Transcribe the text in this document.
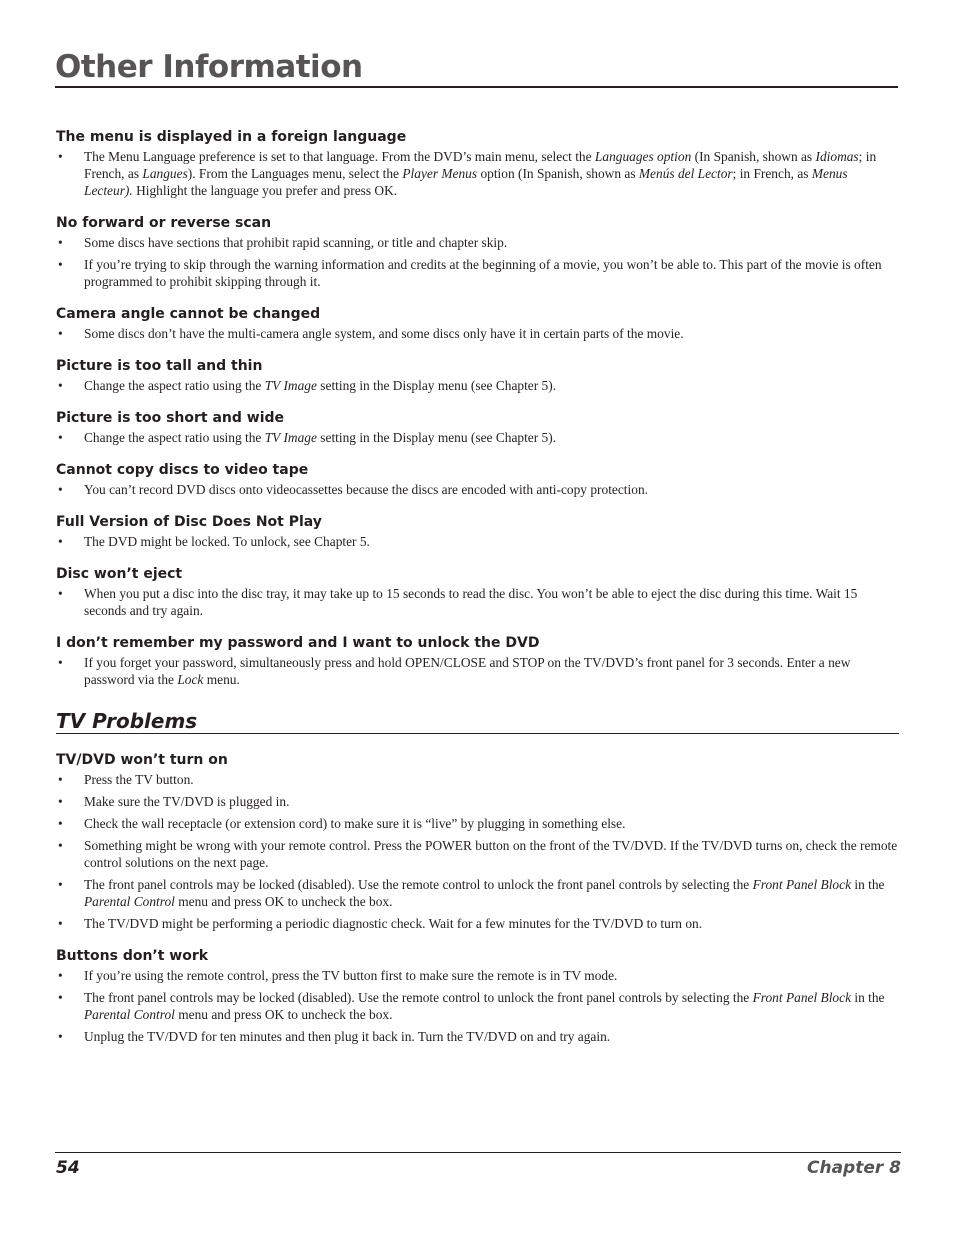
Other Information
The menu is displayed in a foreign language
• The Menu Language preference is set to that language. From the DVD’s main menu, select the Languages option (In Spanish, shown as Idiomas; in French, as Langues). From the Languages menu, select the Player Menus option (In Spanish, shown as Menús del Lector; in French, as Menus Lecteur). Highlight the language you prefer and press OK.
No forward or reverse scan
• Some discs have sections that prohibit rapid scanning, or title and chapter skip.
• If you’re trying to skip through the warning information and credits at the beginning of a movie, you won’t be able to. This part of the movie is often programmed to prohibit skipping through it.
Camera angle cannot be changed
• Some discs don’t have the multi-camera angle system, and some discs only have it in certain parts of the movie.
Picture is too tall and thin
• Change the aspect ratio using the TV Image setting in the Display menu (see Chapter 5).
Picture is too short and wide
• Change the aspect ratio using the TV Image setting in the Display menu (see Chapter 5).
Cannot copy discs to video tape
• You can’t record DVD discs onto videocassettes because the discs are encoded with anti-copy protection.
Full Version of Disc Does Not Play
• The DVD might be locked. To unlock, see Chapter 5.
Disc won’t eject
• When you put a disc into the disc tray, it may take up to 15 seconds to read the disc. You won’t be able to eject the disc during this time. Wait 15 seconds and try again.
I don’t remember my password and I want to unlock the DVD
• If you forget your password, simultaneously press and hold OPEN/CLOSE and STOP on the TV/DVD’s front panel for 3 seconds. Enter a new password via the Lock menu.
TV Problems
TV/DVD won’t turn on
• Press the TV button.
• Make sure the TV/DVD is plugged in.
• Check the wall receptacle (or extension cord) to make sure it is “live” by plugging in something else.
• Something might be wrong with your remote control. Press the POWER button on the front of the TV/DVD. If the TV/DVD turns on, check the remote control solutions on the next page.
• The front panel controls may be locked (disabled). Use the remote control to unlock the front panel controls by selecting the Front Panel Block in the Parental Control menu and press OK to uncheck the box.
• The TV/DVD might be performing a periodic diagnostic check. Wait for a few minutes for the TV/DVD to turn on.
Buttons don’t work
• If you’re using the remote control, press the TV button first to make sure the remote is in TV mode.
• The front panel controls may be locked (disabled). Use the remote control to unlock the front panel controls by selecting the Front Panel Block in the Parental Control menu and press OK to uncheck the box.
• Unplug the TV/DVD for ten minutes and then plug it back in. Turn the TV/DVD on and try again.
54	Chapter 8
